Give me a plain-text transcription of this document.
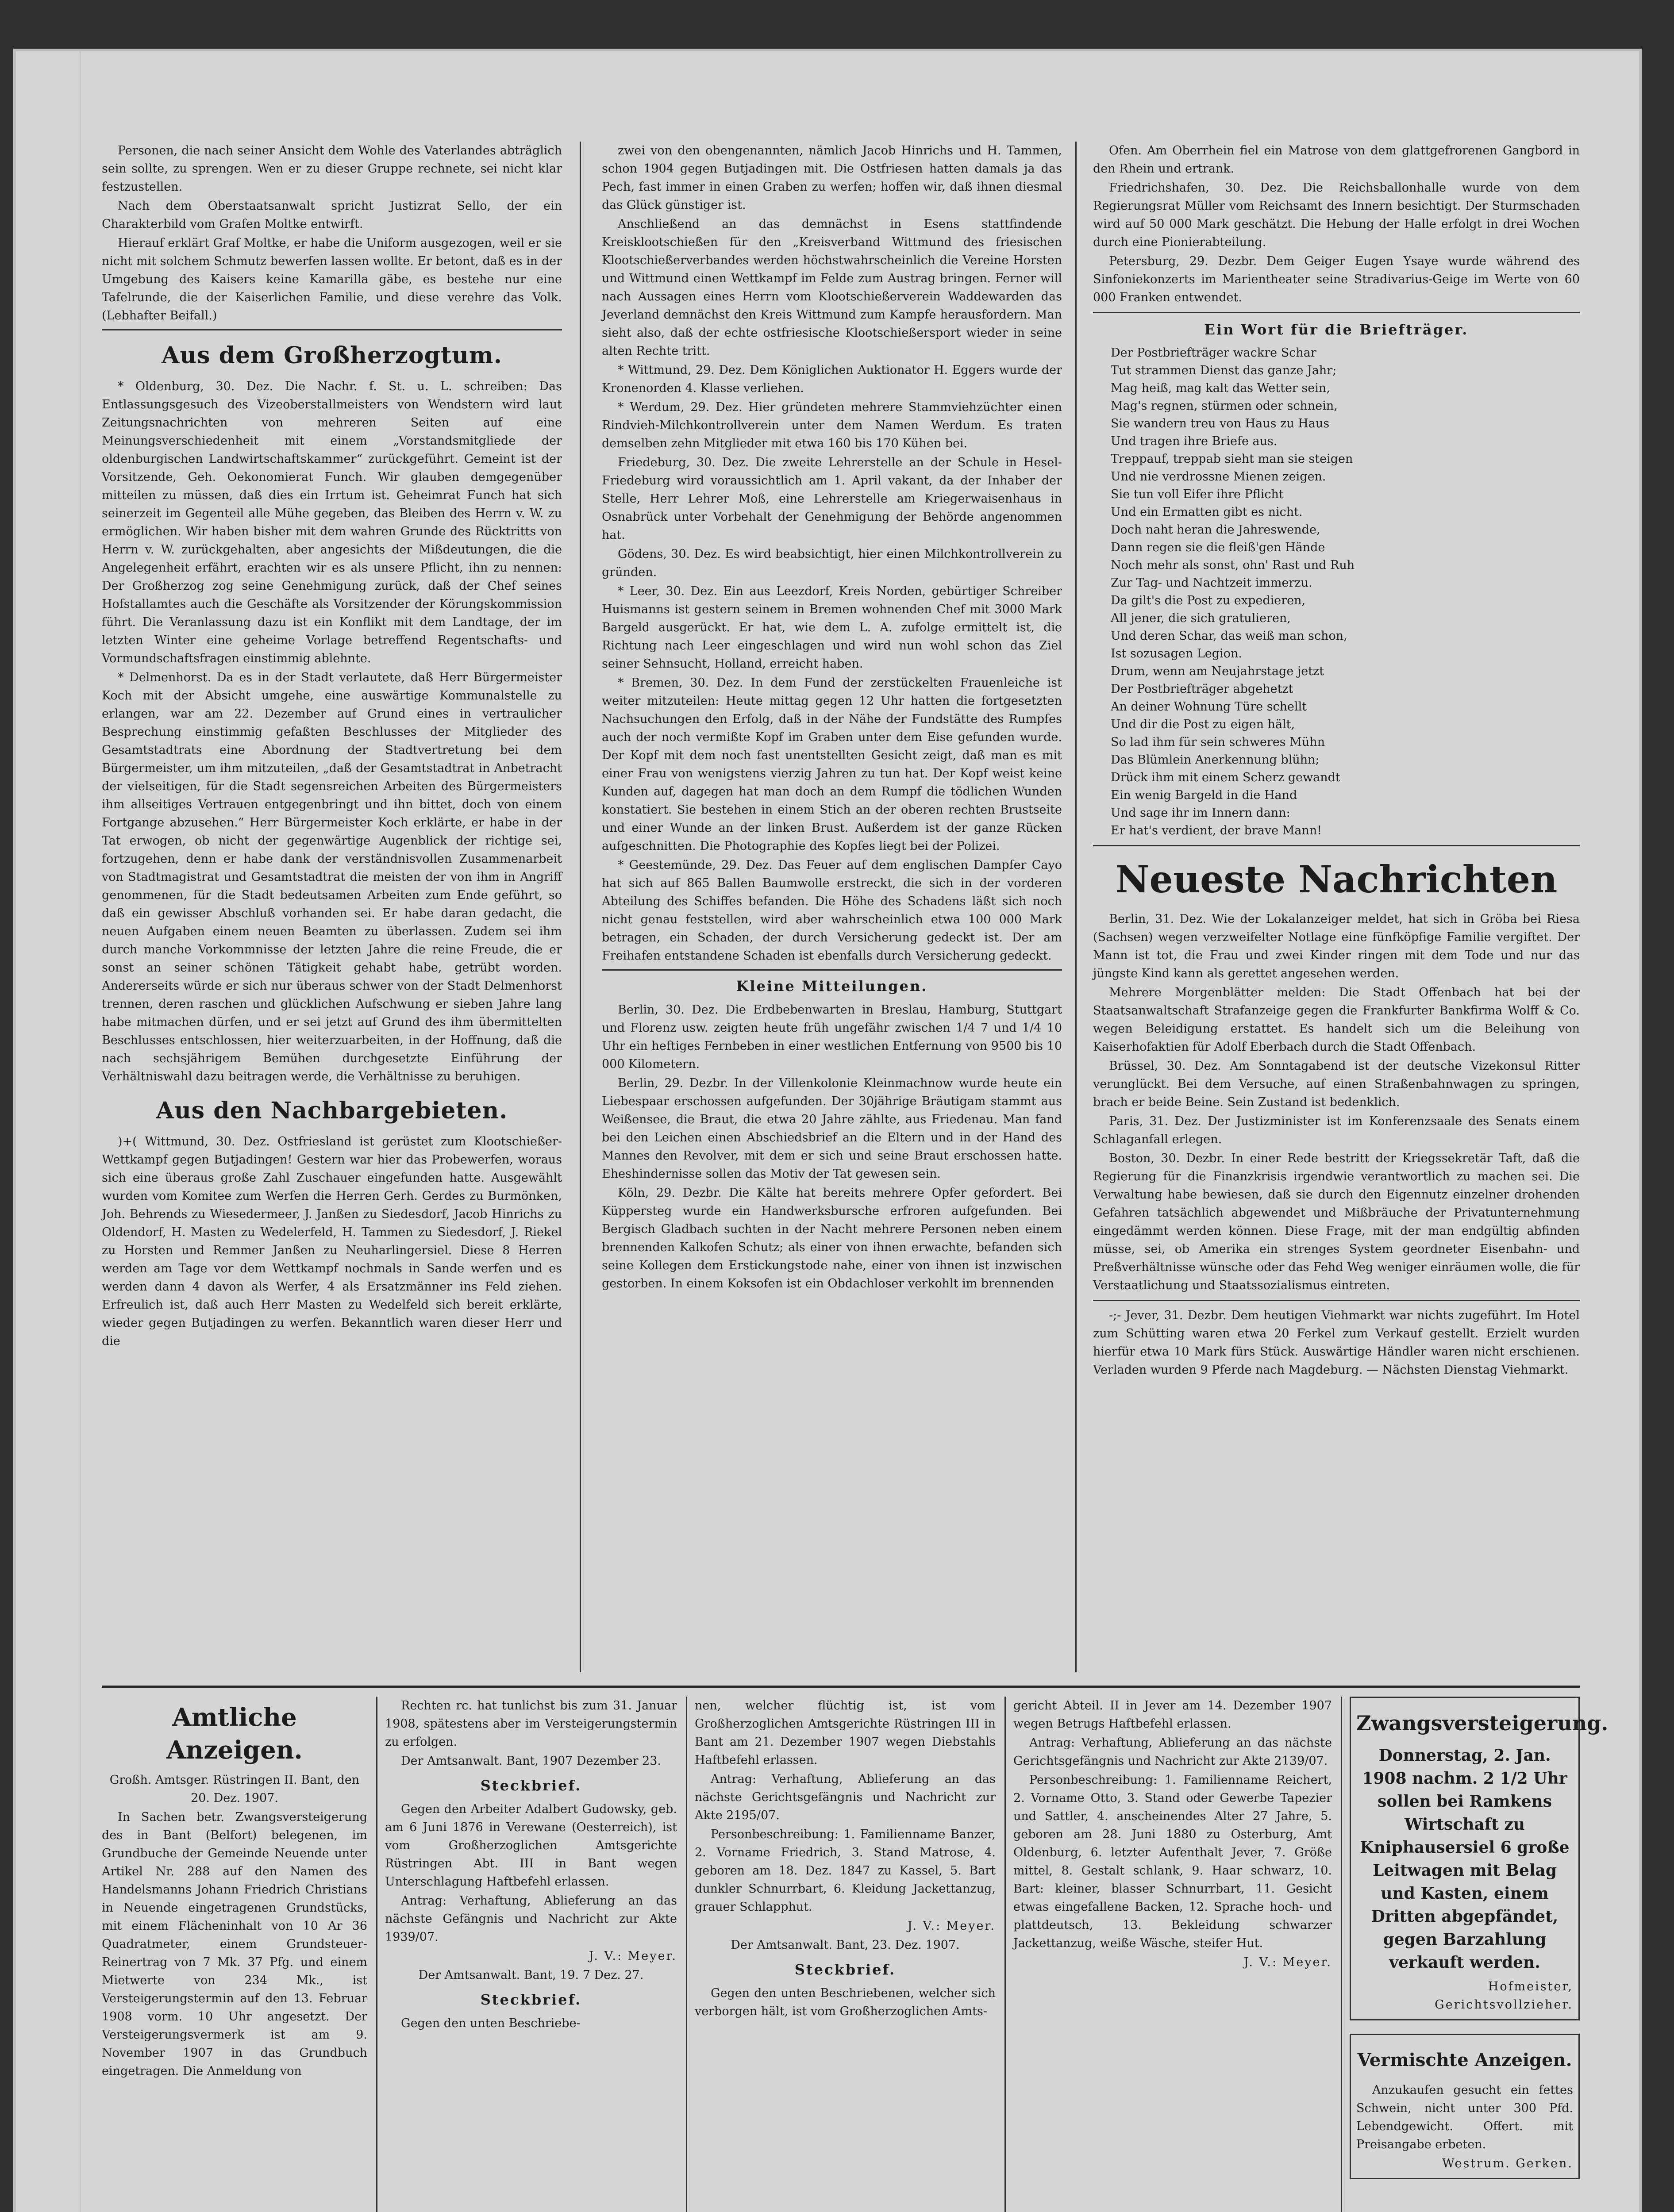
Personen, die nach seiner Ansicht dem Wohle des Vaterlandes abträglich sein sollte, zu sprengen. Wen er zu dieser Gruppe rechnete, sei nicht klar festzustellen.

Nach dem Oberstaatsanwalt spricht Justizrat Sello, der ein Charakterbild vom Grafen Moltke entwirft.

Hierauf erklärt Graf Moltke, er habe die Uniform ausgezogen, weil er sie nicht mit solchem Schmutz bewerfen lassen wollte. Er betont, daß es in der Umgebung des Kaisers keine Kamarilla gäbe, es bestehe nur eine Tafelrunde, die der Kaiserlichen Familie, und diese verehre das Volk. (Lebhafter Beifall.)

Aus dem Großherzogtum.

* Oldenburg, 30. Dez. Die Nachr. f. St. u. L. schreiben: Das Entlassungsgesuch des Vizeoberstallmeisters von Wendstern wird laut Zeitungsnachrichten von mehreren Seiten auf eine Meinungsverschiedenheit mit einem „Vorstandsmitgliede der oldenburgischen Landwirtschaftskammer“ zurückgeführt. Gemeint ist der Vorsitzende, Geh. Oekonomierat Funch. Wir glauben demgegenüber mitteilen zu müssen, daß dies ein Irrtum ist. Geheimrat Funch hat sich seinerzeit im Gegenteil alle Mühe gegeben, das Bleiben des Herrn v. W. zu ermöglichen. Wir haben bisher mit dem wahren Grunde des Rücktritts von Herrn v. W. zurückgehalten, aber angesichts der Mißdeutungen, die die Angelegenheit erfährt, erachten wir es als unsere Pflicht, ihn zu nennen: Der Großherzog zog seine Genehmigung zurück, daß der Chef seines Hofstallamtes auch die Geschäfte als Vorsitzender der Körungskommission führt. Die Veranlassung dazu ist ein Konflikt mit dem Landtage, der im letzten Winter eine geheime Vorlage betreffend Regentschafts- und Vormundschaftsfragen einstimmig ablehnte.

* Delmenhorst. Da es in der Stadt verlautete, daß Herr Bürgermeister Koch mit der Absicht umgehe, eine auswärtige Kommunalstelle zu erlangen, war am 22. Dezember auf Grund eines in vertraulicher Besprechung einstimmig gefaßten Beschlusses der Mitglieder des Gesamtstadtrats eine Abordnung der Stadtvertretung bei dem Bürgermeister, um ihm mitzuteilen, „daß der Gesamtstadtrat in Anbetracht der vielseitigen, für die Stadt segensreichen Arbeiten des Bürgermeisters ihm allseitiges Vertrauen entgegenbringt und ihn bittet, doch von einem Fortgange abzusehen.“ Herr Bürgermeister Koch erklärte, er habe in der Tat erwogen, ob nicht der gegenwärtige Augenblick der richtige sei, fortzugehen, denn er habe dank der verständnisvollen Zusammenarbeit von Stadtmagistrat und Gesamtstadtrat die meisten der von ihm in Angriff genommenen, für die Stadt bedeutsamen Arbeiten zum Ende geführt, so daß ein gewisser Abschluß vorhanden sei. Er habe daran gedacht, die neuen Aufgaben einem neuen Beamten zu überlassen. Zudem sei ihm durch manche Vorkommnisse der letzten Jahre die reine Freude, die er sonst an seiner schönen Tätigkeit gehabt habe, getrübt worden. Andererseits würde er sich nur überaus schwer von der Stadt Delmenhorst trennen, deren raschen und glücklichen Aufschwung er sieben Jahre lang habe mitmachen dürfen, und er sei jetzt auf Grund des ihm übermittelten Beschlusses entschlossen, hier weiterzuarbeiten, in der Hoffnung, daß die nach sechsjährigem Bemühen durchgesetzte Einführung der Verhältniswahl dazu beitragen werde, die Verhältnisse zu beruhigen.

Aus den Nachbargebieten.

)+( Wittmund, 30. Dez. Ostfriesland ist gerüstet zum Klootschießer-Wettkampf gegen Butjadingen! Gestern war hier das Probewerfen, woraus sich eine überaus große Zahl Zuschauer eingefunden hatte. Ausgewählt wurden vom Komitee zum Werfen die Herren Gerh. Gerdes zu Burmönken, Joh. Behrends zu Wiesedermeer, J. Janßen zu Siedesdorf, Jacob Hinrichs zu Oldendorf, H. Masten zu Wedelerfeld, H. Tammen zu Siedesdorf, J. Riekel zu Horsten und Remmer Janßen zu Neuharlingersiel. Diese 8 Herren werden am Tage vor dem Wettkampf nochmals in Sande werfen und es werden dann 4 davon als Werfer, 4 als Ersatzmänner ins Feld ziehen. Erfreulich ist, daß auch Herr Masten zu Wedelfeld sich bereit erklärte, wieder gegen Butjadingen zu werfen. Bekanntlich waren dieser Herr und die

zwei von den obengenannten, nämlich Jacob Hinrichs und H. Tammen, schon 1904 gegen Butjadingen mit. Die Ostfriesen hatten damals ja das Pech, fast immer in einen Graben zu werfen; hoffen wir, daß ihnen diesmal das Glück günstiger ist.

Anschließend an das demnächst in Esens stattfindende Kreisklootschießen für den „Kreisverband Wittmund des friesischen Klootschießerverbandes werden höchstwahrscheinlich die Vereine Horsten und Wittmund einen Wettkampf im Felde zum Austrag bringen. Ferner will nach Aussagen eines Herrn vom Klootschießerverein Waddewarden das Jeverland demnächst den Kreis Wittmund zum Kampfe herausfordern. Man sieht also, daß der echte ostfriesische Klootschießersport wieder in seine alten Rechte tritt.

* Wittmund, 29. Dez. Dem Königlichen Auktionator H. Eggers wurde der Kronenorden 4. Klasse verliehen.

* Werdum, 29. Dez. Hier gründeten mehrere Stammviehzüchter einen Rindvieh-Milchkontrollverein unter dem Namen Werdum. Es traten demselben zehn Mitglieder mit etwa 160 bis 170 Kühen bei.

Friedeburg, 30. Dez. Die zweite Lehrerstelle an der Schule in Hesel-Friedeburg wird voraussichtlich am 1. April vakant, da der Inhaber der Stelle, Herr Lehrer Moß, eine Lehrerstelle am Kriegerwaisenhaus in Osnabrück unter Vorbehalt der Genehmigung der Behörde angenommen hat.

Gödens, 30. Dez. Es wird beabsichtigt, hier einen Milchkontrollverein zu gründen.

* Leer, 30. Dez. Ein aus Leezdorf, Kreis Norden, gebürtiger Schreiber Huismanns ist gestern seinem in Bremen wohnenden Chef mit 3000 Mark Bargeld ausgerückt. Er hat, wie dem L. A. zufolge ermittelt ist, die Richtung nach Leer eingeschlagen und wird nun wohl schon das Ziel seiner Sehnsucht, Holland, erreicht haben.

* Bremen, 30. Dez. In dem Fund der zerstückelten Frauenleiche ist weiter mitzuteilen: Heute mittag gegen 12 Uhr hatten die fortgesetzten Nachsuchungen den Erfolg, daß in der Nähe der Fundstätte des Rumpfes auch der noch vermißte Kopf im Graben unter dem Eise gefunden wurde. Der Kopf mit dem noch fast unentstellten Gesicht zeigt, daß man es mit einer Frau von wenigstens vierzig Jahren zu tun hat. Der Kopf weist keine Kunden auf, dagegen hat man doch an dem Rumpf die tödlichen Wunden konstatiert. Sie bestehen in einem Stich an der oberen rechten Brustseite und einer Wunde an der linken Brust. Außerdem ist der ganze Rücken aufgeschnitten. Die Photographie des Kopfes liegt bei der Polizei.

* Geestemünde, 29. Dez. Das Feuer auf dem englischen Dampfer Cayo hat sich auf 865 Ballen Baumwolle erstreckt, die sich in der vorderen Abteilung des Schiffes befanden. Die Höhe des Schadens läßt sich noch nicht genau feststellen, wird aber wahrscheinlich etwa 100 000 Mark betragen, ein Schaden, der durch Versicherung gedeckt ist. Der am Freihafen entstandene Schaden ist ebenfalls durch Versicherung gedeckt.

Kleine Mitteilungen.

Berlin, 30. Dez. Die Erdbebenwarten in Breslau, Hamburg, Stuttgart und Florenz usw. zeigten heute früh ungefähr zwischen 1/4 7 und 1/4 10 Uhr ein heftiges Fernbeben in einer westlichen Entfernung von 9500 bis 10 000 Kilometern.

Berlin, 29. Dezbr. In der Villenkolonie Kleinmachnow wurde heute ein Liebespaar erschossen aufgefunden. Der 30jährige Bräutigam stammt aus Weißensee, die Braut, die etwa 20 Jahre zählte, aus Friedenau. Man fand bei den Leichen einen Abschiedsbrief an die Eltern und in der Hand des Mannes den Revolver, mit dem er sich und seine Braut erschossen hatte. Eheshindernisse sollen das Motiv der Tat gewesen sein.

Köln, 29. Dezbr. Die Kälte hat bereits mehrere Opfer gefordert. Bei Küppersteg wurde ein Handwerksbursche erfroren aufgefunden. Bei Bergisch Gladbach suchten in der Nacht mehrere Personen neben einem brennenden Kalkofen Schutz; als einer von ihnen erwachte, befanden sich seine Kollegen dem Erstickungstode nahe, einer von ihnen ist inzwischen gestorben. In einem Koksofen ist ein Obdachloser verkohlt im brennenden

Ofen. Am Oberrhein fiel ein Matrose von dem glattgefrorenen Gangbord in den Rhein und ertrank.

Friedrichshafen, 30. Dez. Die Reichsballonhalle wurde von dem Regierungsrat Müller vom Reichsamt des Innern besichtigt. Der Sturmschaden wird auf 50 000 Mark geschätzt. Die Hebung der Halle erfolgt in drei Wochen durch eine Pionierabteilung.

Petersburg, 29. Dezbr. Dem Geiger Eugen Ysaye wurde während des Sinfoniekonzerts im Marientheater seine Stradivarius-Geige im Werte von 60 000 Franken entwendet.

Ein Wort für die Briefträger.
Der Postbriefträger wackre Schar
Tut strammen Dienst das ganze Jahr;
Mag heiß, mag kalt das Wetter sein,
Mag's regnen, stürmen oder schnein,
Sie wandern treu von Haus zu Haus
Und tragen ihre Briefe aus.
Treppauf, treppab sieht man sie steigen
Und nie verdrossne Mienen zeigen.
Sie tun voll Eifer ihre Pflicht
Und ein Ermatten gibt es nicht.
Doch naht heran die Jahreswende,
Dann regen sie die fleiß'gen Hände
Noch mehr als sonst, ohn' Rast und Ruh
Zur Tag- und Nachtzeit immerzu.
Da gilt's die Post zu expedieren,
All jener, die sich gratulieren,
Und deren Schar, das weiß man schon,
Ist sozusagen Legion.
Drum, wenn am Neujahrstage jetzt
Der Postbriefträger abgehetzt
An deiner Wohnung Türe schellt
Und dir die Post zu eigen hält,
So lad ihm für sein schweres Mühn
Das Blümlein Anerkennung blühn;
Drück ihm mit einem Scherz gewandt
Ein wenig Bargeld in die Hand
Und sage ihr im Innern dann:
Er hat's verdient, der brave Mann!
Neueste Nachrichten

Berlin, 31. Dez. Wie der Lokalanzeiger meldet, hat sich in Gröba bei Riesa (Sachsen) wegen verzweifelter Notlage eine fünfköpfige Familie vergiftet. Der Mann ist tot, die Frau und zwei Kinder ringen mit dem Tode und nur das jüngste Kind kann als gerettet angesehen werden.

Mehrere Morgenblätter melden: Die Stadt Offenbach hat bei der Staatsanwaltschaft Strafanzeige gegen die Frankfurter Bankfirma Wolff & Co. wegen Beleidigung erstattet. Es handelt sich um die Beleihung von Kaiserhofaktien für Adolf Eberbach durch die Stadt Offenbach.

Brüssel, 30. Dez. Am Sonntagabend ist der deutsche Vizekonsul Ritter verunglückt. Bei dem Versuche, auf einen Straßenbahnwagen zu springen, brach er beide Beine. Sein Zustand ist bedenklich.

Paris, 31. Dez. Der Justizminister ist im Konferenzsaale des Senats einem Schlaganfall erlegen.

Boston, 30. Dezbr. In einer Rede bestritt der Kriegssekretär Taft, daß die Regierung für die Finanzkrisis irgendwie verantwortlich zu machen sei. Die Verwaltung habe bewiesen, daß sie durch den Eigennutz einzelner drohenden Gefahren tatsächlich abgewendet und Mißbräuche der Privatunternehmung eingedämmt werden können. Diese Frage, mit der man endgültig abfinden müsse, sei, ob Amerika ein strenges System geordneter Eisenbahn- und Preßverhältnisse wünsche oder das Fehd Weg weniger einräumen wolle, die für Verstaatlichung und Staatssozialismus eintreten.

-;- Jever, 31. Dezbr. Dem heutigen Viehmarkt war nichts zugeführt. Im Hotel zum Schütting waren etwa 20 Ferkel zum Verkauf gestellt. Erzielt wurden hierfür etwa 10 Mark fürs Stück. Auswärtige Händler waren nicht erschienen. Verladen wurden 9 Pferde nach Magdeburg. — Nächsten Dienstag Viehmarkt.

Amtliche Anzeigen.

Großh. Amtsger. Rüstringen II. Bant, den 20. Dez. 1907.

In Sachen betr. Zwangsversteigerung des in Bant (Belfort) belegenen, im Grundbuche der Gemeinde Neuende unter Artikel Nr. 288 auf den Namen des Handelsmanns Johann Friedrich Christians in Neuende eingetragenen Grundstücks, mit einem Flächeninhalt von 10 Ar 36 Quadratmeter, einem Grundsteuer-Reinertrag von 7 Mk. 37 Pfg. und einem Mietwerte von 234 Mk., ist Versteigerungstermin auf den 13. Februar 1908 vorm. 10 Uhr angesetzt. Der Versteigerungsvermerk ist am 9. November 1907 in das Grundbuch eingetragen. Die Anmeldung von

Rechten rc. hat tunlichst bis zum 31. Januar 1908, spätestens aber im Versteigerungstermin zu erfolgen.

Der Amtsanwalt. Bant, 1907 Dezember 23.

Steckbrief.

Gegen den Arbeiter Adalbert Gudowsky, geb. am 6 Juni 1876 in Verewane (Oesterreich), ist vom Großherzoglichen Amtsgerichte Rüstringen Abt. III in Bant wegen Unterschlagung Haftbefehl erlassen.

Antrag: Verhaftung, Ablieferung an das nächste Gefängnis und Nachricht zur Akte 1939/07.

J. V.: Meyer.

Der Amtsanwalt. Bant, 19. 7 Dez. 27.

Steckbrief.

Gegen den unten Beschriebe-

nen, welcher flüchtig ist, ist vom Großherzoglichen Amtsgerichte Rüstringen III in Bant am 21. Dezember 1907 wegen Diebstahls Haftbefehl erlassen.

Antrag: Verhaftung, Ablieferung an das nächste Gerichtsgefängnis und Nachricht zur Akte 2195/07.

Personbeschreibung: 1. Familienname Banzer, 2. Vorname Friedrich, 3. Stand Matrose, 4. geboren am 18. Dez. 1847 zu Kassel, 5. Bart dunkler Schnurrbart, 6. Kleidung Jackettanzug, grauer Schlapphut.

J. V.: Meyer.

Der Amtsanwalt. Bant, 23. Dez. 1907.

Steckbrief.

Gegen den unten Beschriebenen, welcher sich verborgen hält, ist vom Großherzoglichen Amts-

gericht Abteil. II in Jever am 14. Dezember 1907 wegen Betrugs Haftbefehl erlassen.

Antrag: Verhaftung, Ablieferung an das nächste Gerichtsgefängnis und Nachricht zur Akte 2139/07.

Personbeschreibung: 1. Familienname Reichert, 2. Vorname Otto, 3. Stand oder Gewerbe Tapezier und Sattler, 4. anscheinendes Alter 27 Jahre, 5. geboren am 28. Juni 1880 zu Osterburg, Amt Oldenburg, 6. letzter Aufenthalt Jever, 7. Größe mittel, 8. Gestalt schlank, 9. Haar schwarz, 10. Bart: kleiner, blasser Schnurrbart, 11. Gesicht etwas eingefallene Backen, 12. Sprache hoch- und plattdeutsch, 13. Bekleidung schwarzer Jackettanzug, weiße Wäsche, steifer Hut.

J. V.: Meyer.

Zwangsversteigerung.
Donnerstag, 2. Jan. 1908 nachm. 2 1/2 Uhr sollen bei Ramkens Wirtschaft zu Kniphausersiel 6 große Leitwagen mit Belag und Kasten, einem Dritten abgepfändet, gegen Barzahlung verkauft werden.

Hofmeister, Gerichtsvollzieher.

Vermischte Anzeigen.

Anzukaufen gesucht ein fettes Schwein, nicht unter 300 Pfd. Lebendgewicht. Offert. mit Preisangabe erbeten.

Westrum. Gerken.
